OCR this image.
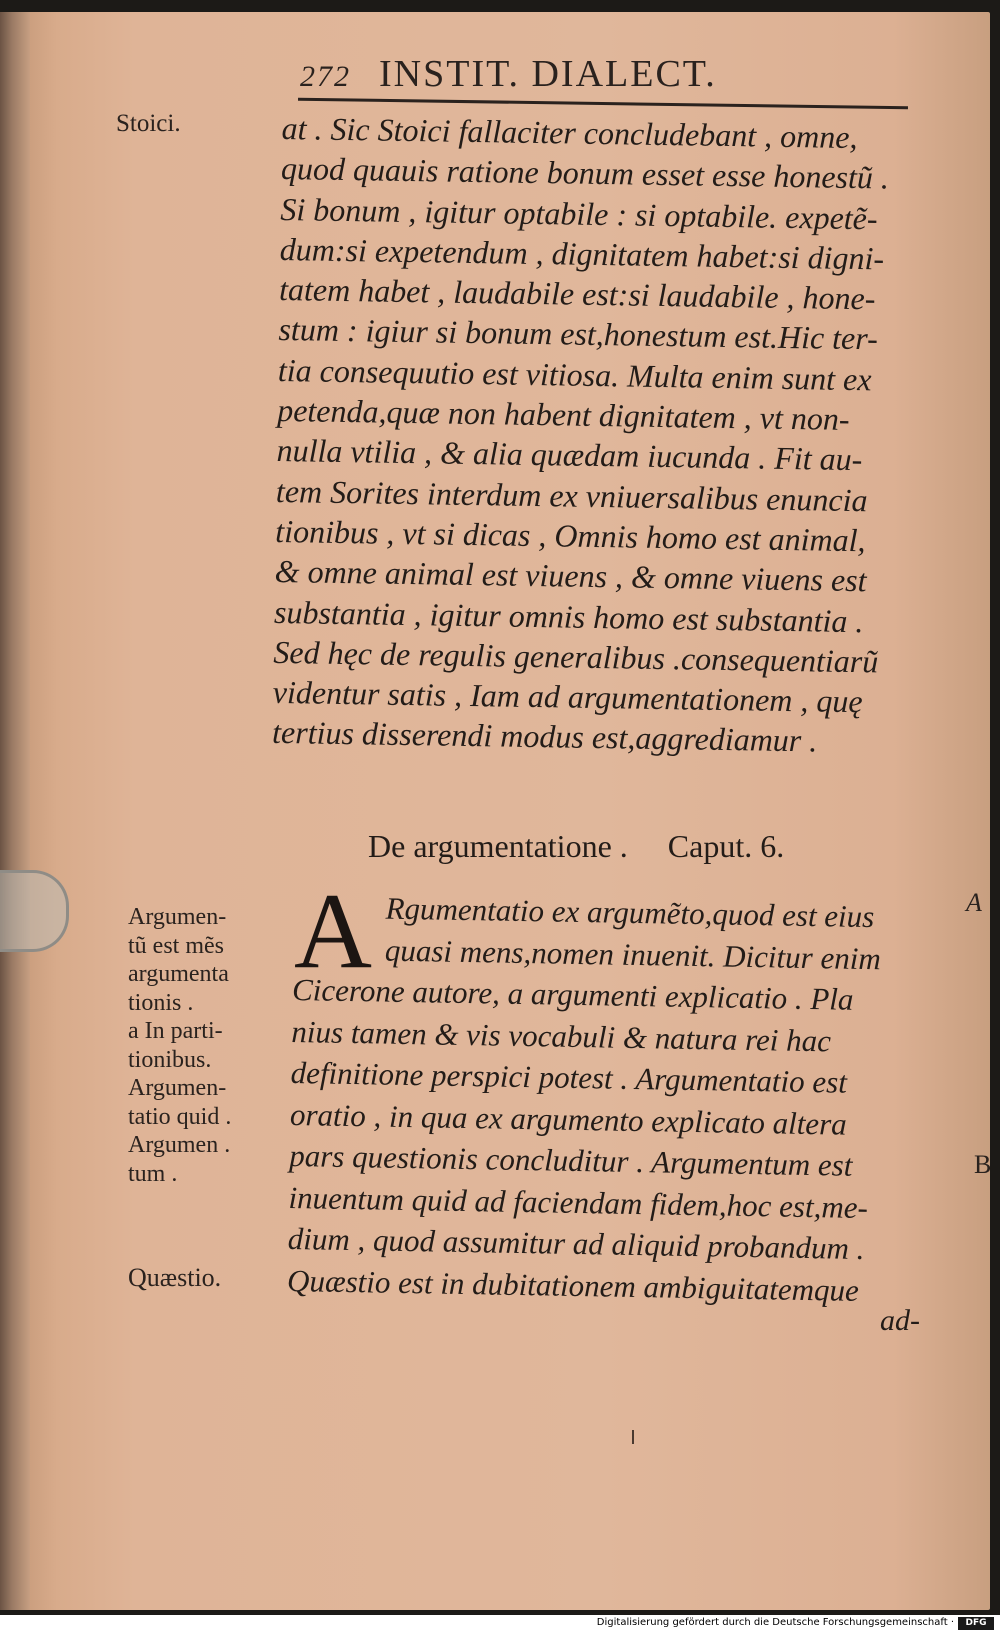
272 INSTIT. DIALECT.
Stoici.	at . Sic Stoici fallaciter concludebant , omne,
quod quauis ratione bonum esset esse honestũ .
Si bonum , igitur optabile : si optabile. expetẽ-
dum:si expetendum , dignitatem habet:si digni-
tatem habet , laudabile est:si laudabile , hone-
stum : igiur si bonum est,honestum est.Hic ter-
tia consequutio est vitiosa. Multa enim sunt ex
petenda,quæ non habent dignitatem , vt non-
nulla vtilia , & alia quædam iucunda . Fit au-
tem Sorites interdum ex vniuersalibus enuncia
tionibus , vt si dicas , Omnis homo est animal,
& omne animal est viuens , & omne viuens est
substantia , igitur omnis homo est substantia .
Sed hęc de regulis generalibus .consequentiarũ
videntur satis , Iam ad argumentationem , quę
tertius disserendi modus est,aggrediamur .
De argumentatione . Caput. 6.
A Rgumentatio ex argumẽto,quod est eius
quasi mens,nomen inuenit. Dicitur enim
Cicerone autore, a argumenti explicatio . Pla
nius tamen & vis vocabuli & natura rei hac
definitione perspici potest . Argumentatio est
oratio , in qua ex argumento explicato altera
pars questionis concluditur . Argumentum est
inuentum quid ad faciendam fidem,hoc est,me-
dium , quod assumitur ad aliquid probandum .
Quæstio est in dubitationem ambiguitatemque
ad-
Argumen-
tũ est mẽs
argumenta
tionis .
a In parti-
tionibus.
Argumen-
tatio quid .
Argumen .
tum .
Quæstio.
A
B
Digitalisierung gefördert durch die Deutsche Forschungsgemeinschaft ·	DFG
